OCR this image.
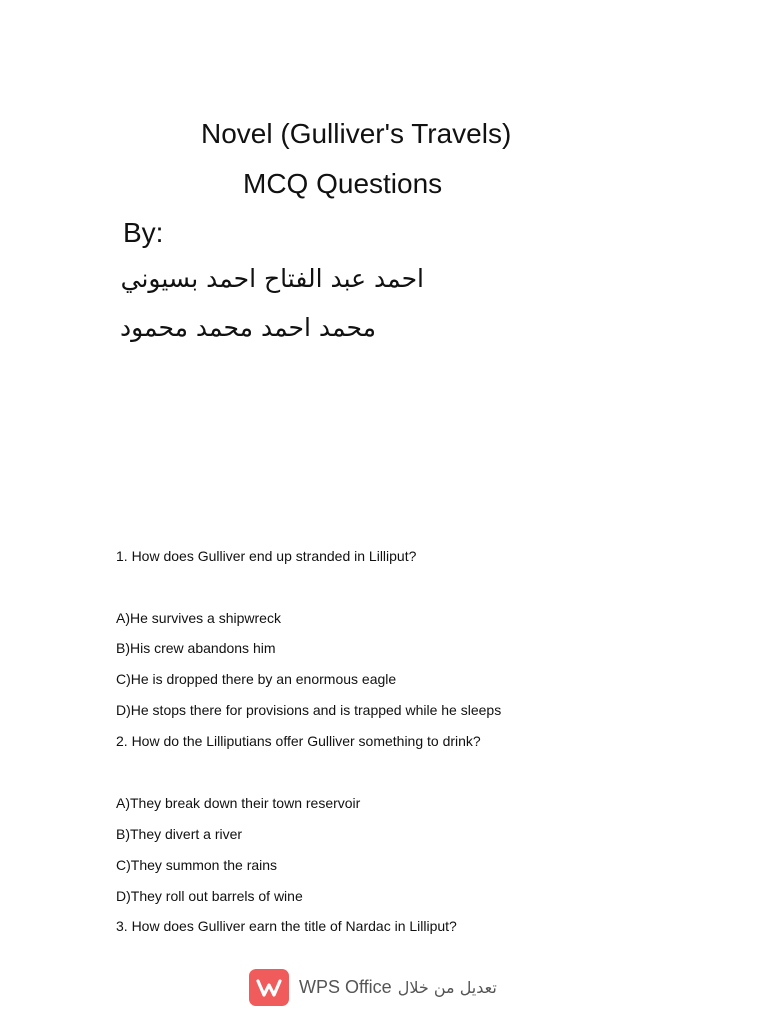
Novel (Gulliver's Travels)
MCQ Questions
By:
احمد عبد الفتاح احمد بسيوني
محمد احمد محمد محمود
1. How does Gulliver end up stranded in Lilliput?
A)He survives a shipwreck
B)His crew abandons him
C)He is dropped there by an enormous eagle
D)He stops there for provisions and is trapped while he sleeps
2. How do the Lilliputians offer Gulliver something to drink?
A)They break down their town reservoir
B)They divert a river
C)They summon the rains
D)They roll out barrels of wine
3. How does Gulliver earn the title of Nardac in Lilliput?
WPS Office تعديل من خلال
